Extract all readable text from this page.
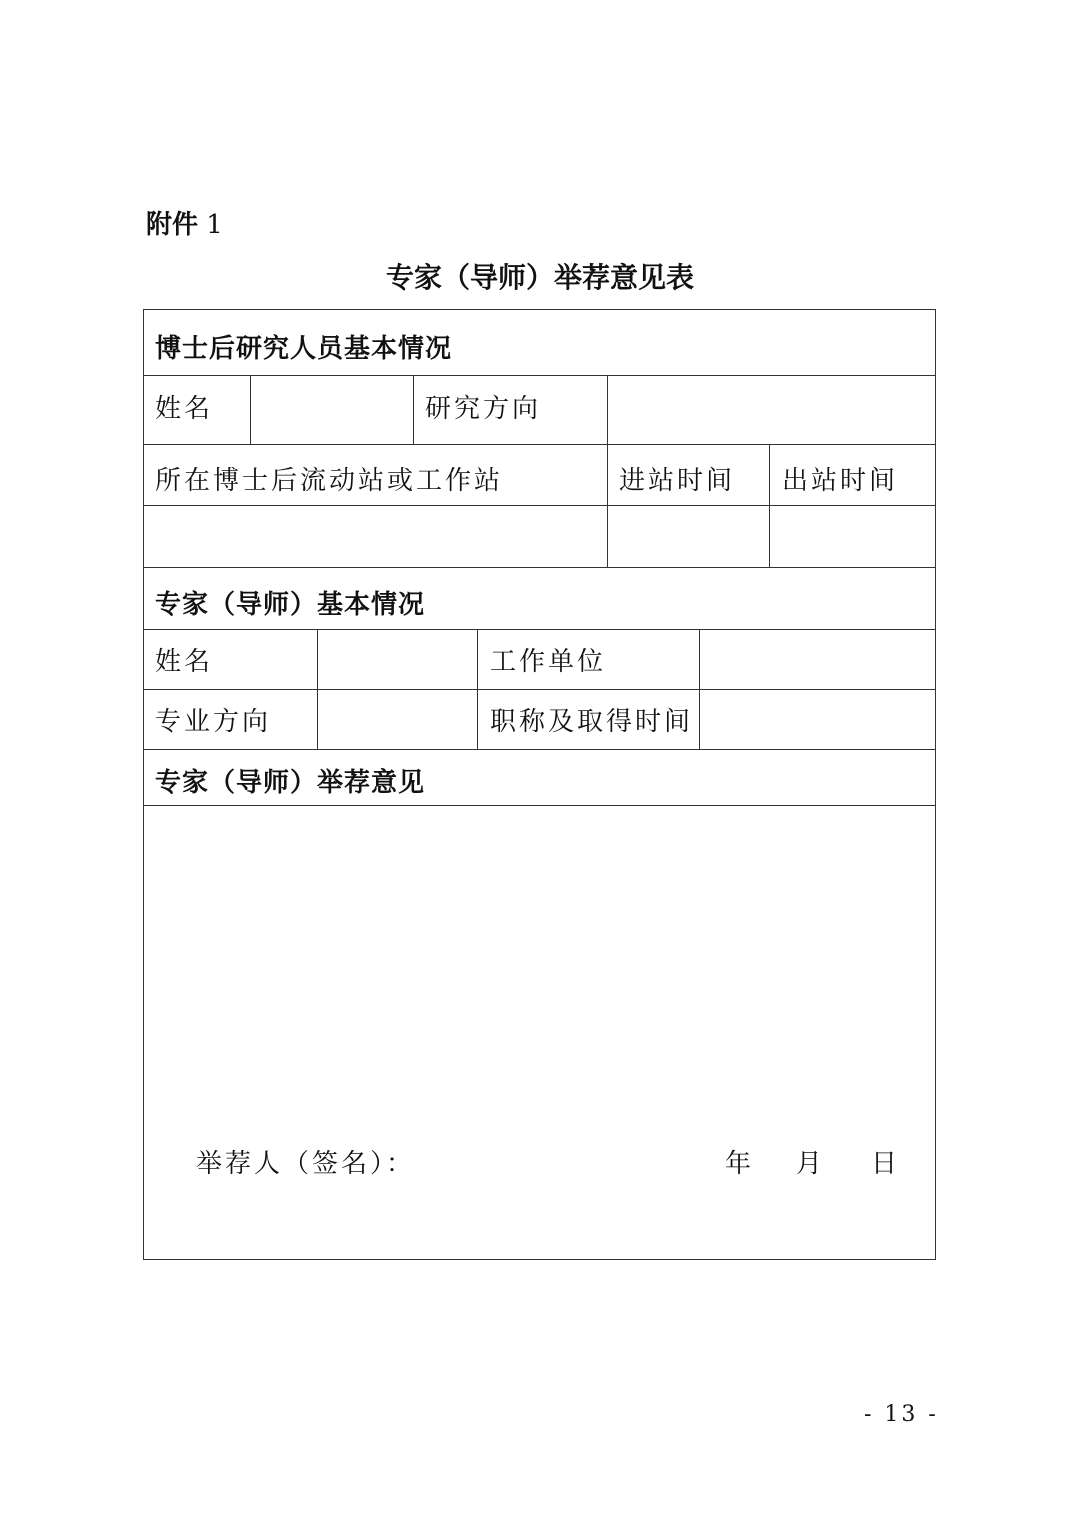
附件 1
专家（导师）举荐意见表
博士后研究人员基本情况
姓名	研究方向
所在博士后流动站或工作站	进站时间 出站时间
专家（导师）基本情况
姓名	工作单位
专业方向	职称及取得时间
专家（导师）举荐意见
举荐人（签名）：	年 月 日
- 13 -
